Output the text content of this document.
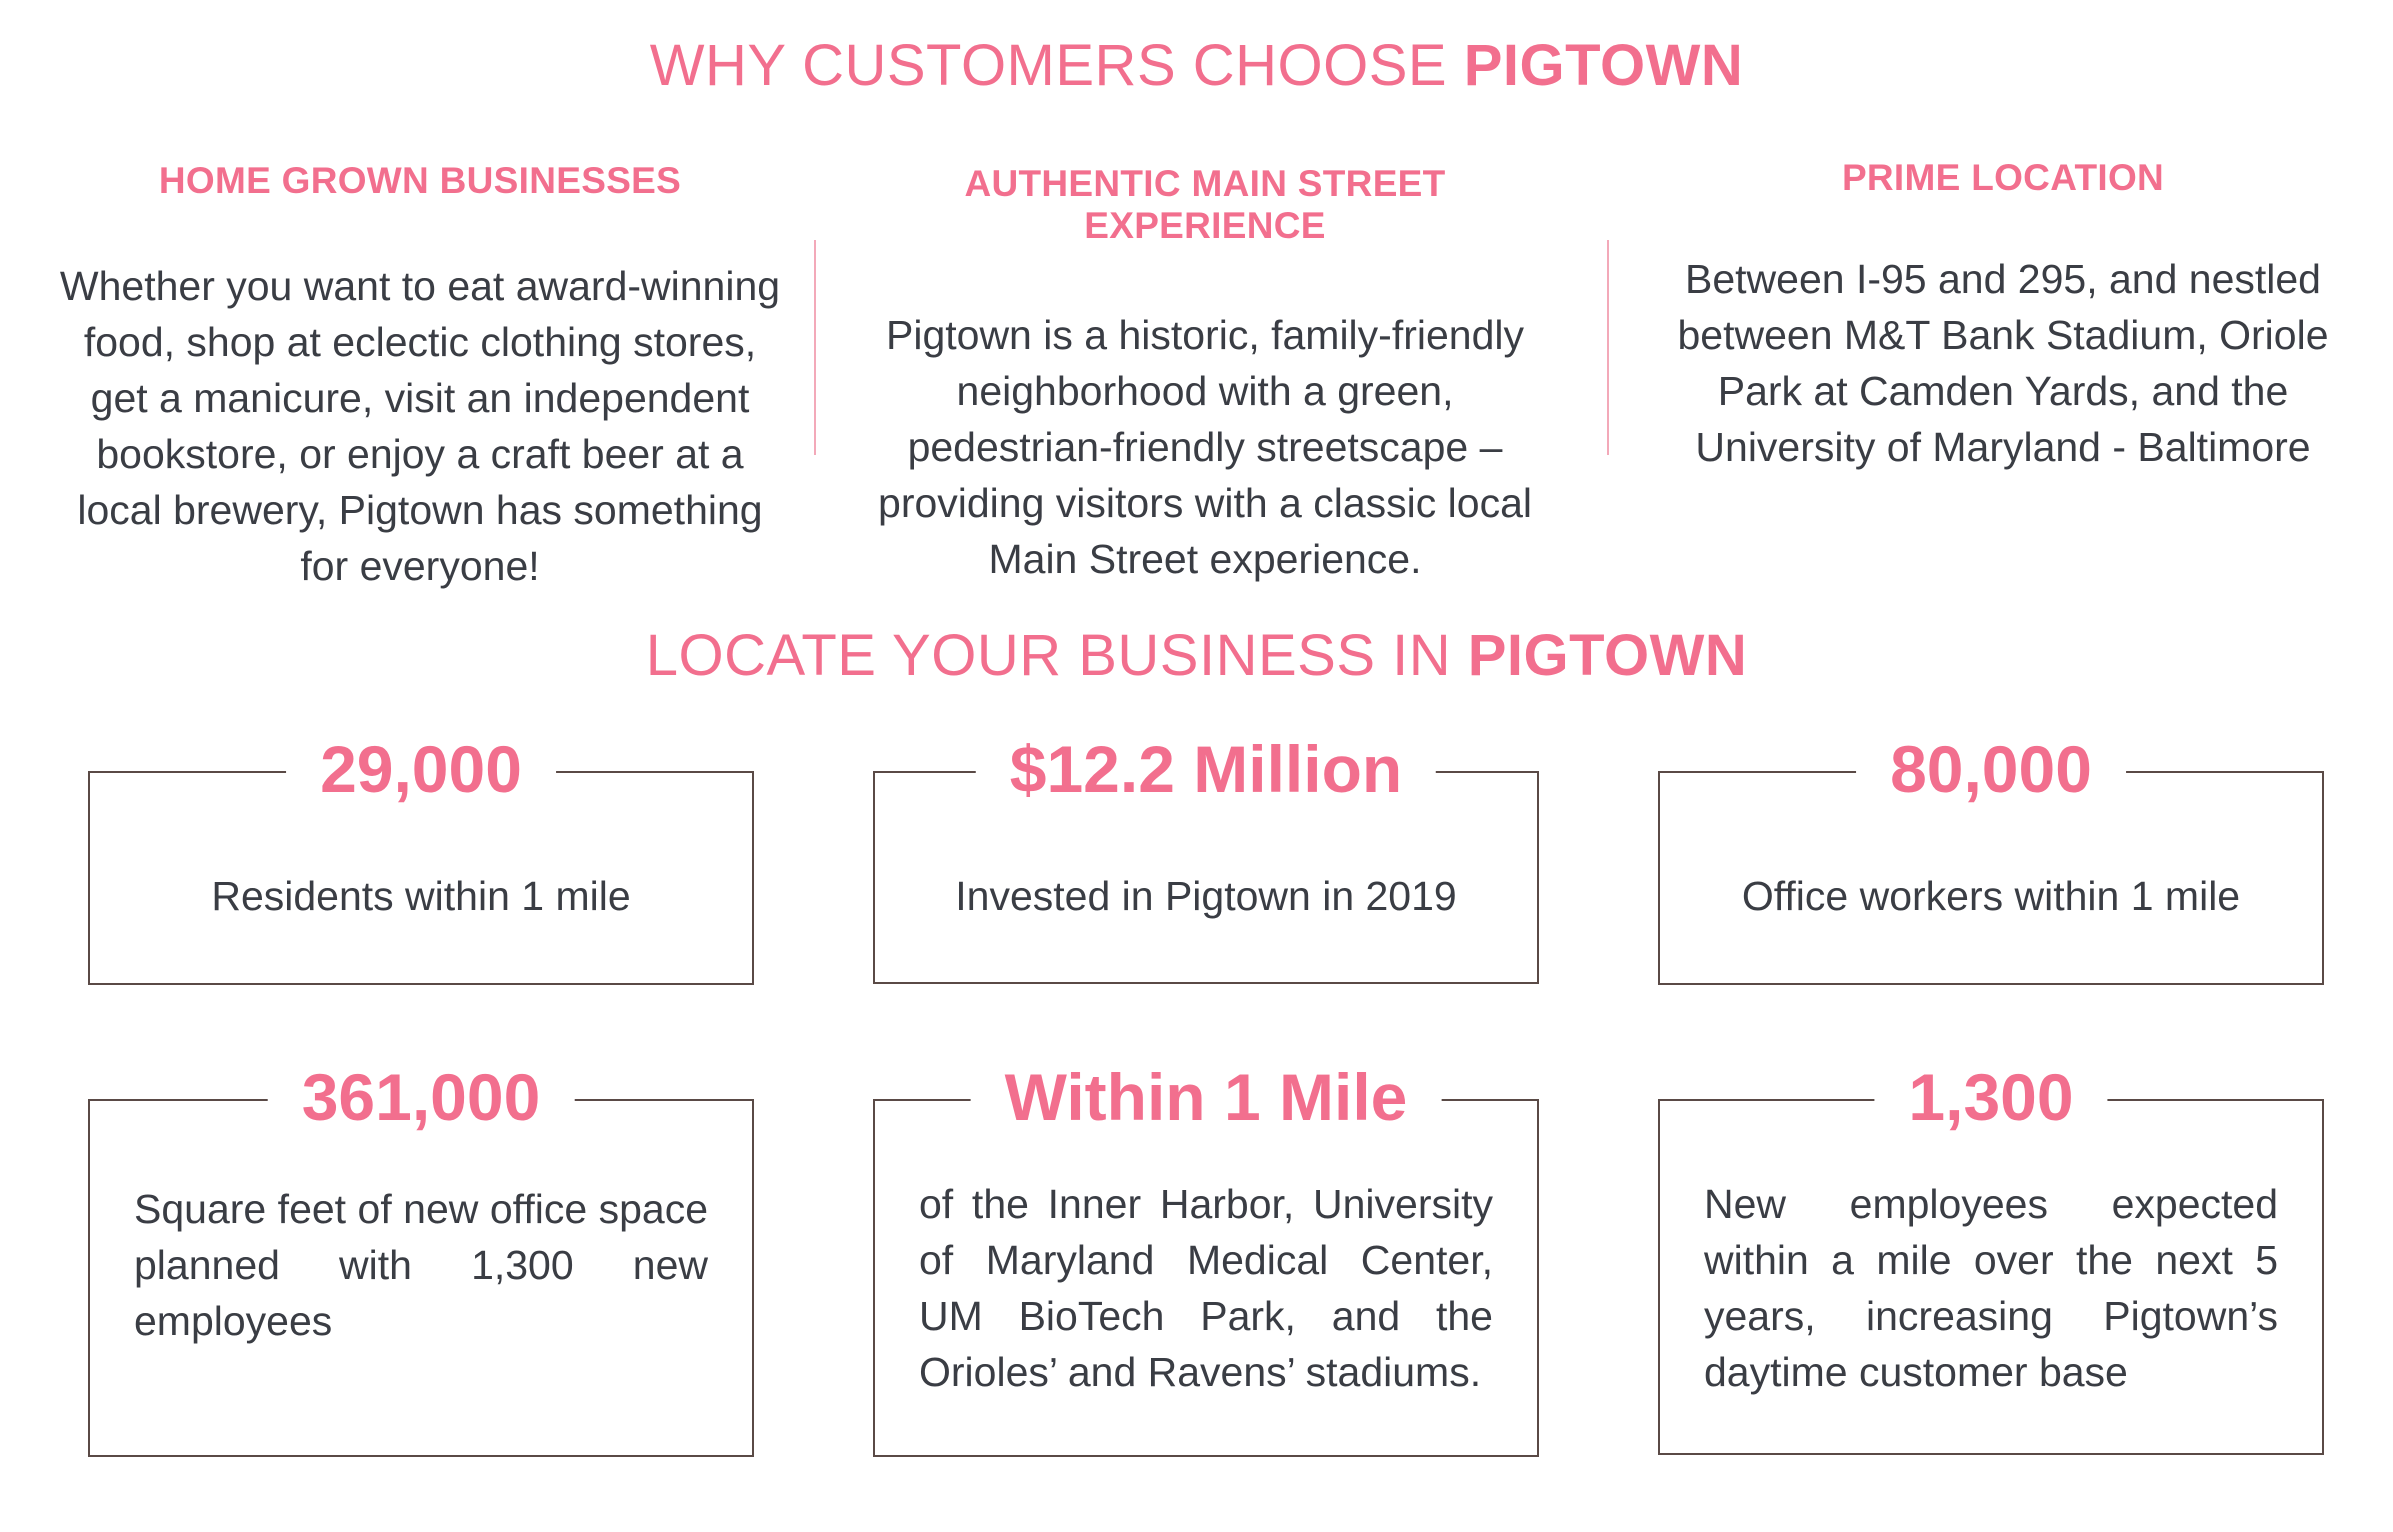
WHY CUSTOMERS CHOOSE PIGTOWN
HOME GROWN BUSINESSES

Whether you want to eat award-winning food, shop at eclectic clothing stores, get a manicure, visit an independent bookstore, or enjoy a craft beer at a local brewery, Pigtown has something for everyone!

AUTHENTIC MAIN STREET EXPERIENCE

Pigtown is a historic, family-friendly neighborhood with a green, pedestrian-friendly streetscape – providing visitors with a classic local Main Street experience.

PRIME LOCATION

Between I-95 and 295, and nestled between M&T Bank Stadium, Oriole Park at Camden Yards, and the University of Maryland - Baltimore

LOCATE YOUR BUSINESS IN PIGTOWN
29,000
Residents within 1 mile
$12.2 Million
Invested in Pigtown in 2019
80,000
Office workers within 1 mile
361,000
Square feet of new office space planned with 1,300 new employees
Within 1 Mile
of the Inner Harbor, University of Maryland Medical Center, UM BioTech Park, and the Orioles’ and Ravens’ stadiums.
1,300
New employees expected within a mile over the next 5 years, increasing Pigtown’s daytime customer base
